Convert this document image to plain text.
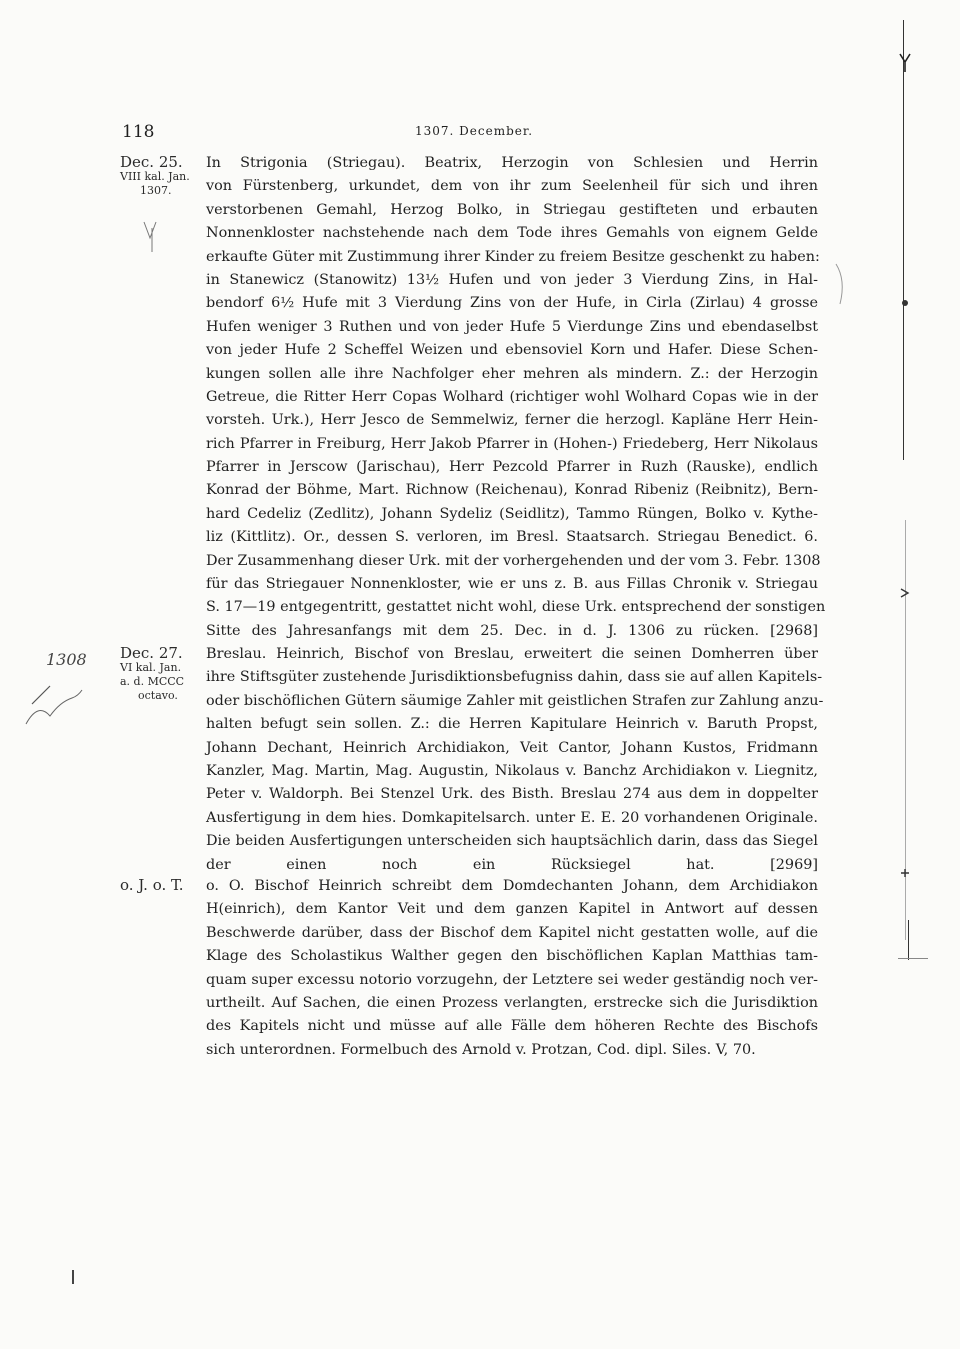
118	1307. December.
Dec. 25.
VIII kal. Jan.
1307.
In Strigonia (Striegau). Beatrix, Herzogin von Schlesien und Herrin
von Fürstenberg, urkundet, dem von ihr zum Seelenheil für sich und ihren
verstorbenen Gemahl, Herzog Bolko, in Striegau gestifteten und erbauten
Nonnenkloster nachstehende nach dem Tode ihres Gemahls von eignem Gelde
erkaufte Güter mit Zustimmung ihrer Kinder zu freiem Besitze geschenkt zu haben:
in Stanewicz (Stanowitz) 13½ Hufen und von jeder 3 Vierdung Zins, in Hal-
bendorf 6½ Hufe mit 3 Vierdung Zins von der Hufe, in Cirla (Zirlau) 4 grosse
Hufen weniger 3 Ruthen und von jeder Hufe 5 Vierdunge Zins und ebendaselbst
von jeder Hufe 2 Scheffel Weizen und ebensoviel Korn und Hafer. Diese Schen-
kungen sollen alle ihre Nachfolger eher mehren als mindern. Z.: der Herzogin
Getreue, die Ritter Herr Copas Wolhard (richtiger wohl Wolhard Copas wie in der
vorsteh. Urk.), Herr Jesco de Semmelwiz, ferner die herzogl. Kapläne Herr Hein-
rich Pfarrer in Freiburg, Herr Jakob Pfarrer in (Hohen-) Friedeberg, Herr Nikolaus
Pfarrer in Jerscow (Jarischau), Herr Pezcold Pfarrer in Ruzh (Rauske), endlich
Konrad der Böhme, Mart. Richnow (Reichenau), Konrad Ribeniz (Reibnitz), Bern-
hard Cedeliz (Zedlitz), Johann Sydeliz (Seidlitz), Tammo Rüngen, Bolko v. Kythe-
liz (Kittlitz). Or., dessen S. verloren, im Bresl. Staatsarch. Striegau Benedict. 6.
Der Zusammenhang dieser Urk. mit der vorhergehenden und der vom 3. Febr. 1308
für das Striegauer Nonnenkloster, wie er uns z. B. aus Fillas Chronik v. Striegau
S. 17—19 entgegentritt, gestattet nicht wohl, diese Urk. entsprechend der sonstigen
Sitte des Jahresanfangs mit dem 25. Dec. in d. J. 1306 zu rücken. [2968]
Dec. 27.
VI kal. Jan.
a. d. MCCC
octavo.
Breslau. Heinrich, Bischof von Breslau, erweitert die seinen Domherren über
ihre Stiftsgüter zustehende Jurisdiktionsbefugniss dahin, dass sie auf allen Kapitels-
oder bischöflichen Gütern säumige Zahler mit geistlichen Strafen zur Zahlung anzu-
halten befugt sein sollen. Z.: die Herren Kapitulare Heinrich v. Baruth Propst,
Johann Dechant, Heinrich Archidiakon, Veit Cantor, Johann Kustos, Fridmann
Kanzler, Mag. Martin, Mag. Augustin, Nikolaus v. Banchz Archidiakon v. Liegnitz,
Peter v. Waldorph. Bei Stenzel Urk. des Bisth. Breslau 274 aus dem in doppelter
Ausfertigung in dem hies. Domkapitelsarch. unter E. E. 20 vorhandenen Originale.
Die beiden Ausfertigungen unterscheiden sich hauptsächlich darin, dass das Siegel
der einen noch ein Rücksiegel hat. [2969]
o. J. o. T.	o. O. Bischof Heinrich schreibt dem Domdechanten Johann, dem Archidiakon
H(einrich), dem Kantor Veit und dem ganzen Kapitel in Antwort auf dessen
Beschwerde darüber, dass der Bischof dem Kapitel nicht gestatten wolle, auf die
Klage des Scholastikus Walther gegen den bischöflichen Kaplan Matthias tam-
quam super excessu notorio vorzugehn, der Letztere sei weder geständig noch ver-
urtheilt. Auf Sachen, die einen Prozess verlangten, erstrecke sich die Jurisdiktion
des Kapitels nicht und müsse auf alle Fälle dem höheren Rechte des Bischofs
sich unterordnen. Formelbuch des Arnold v. Protzan, Cod. dipl. Siles. V, 70.
1308
